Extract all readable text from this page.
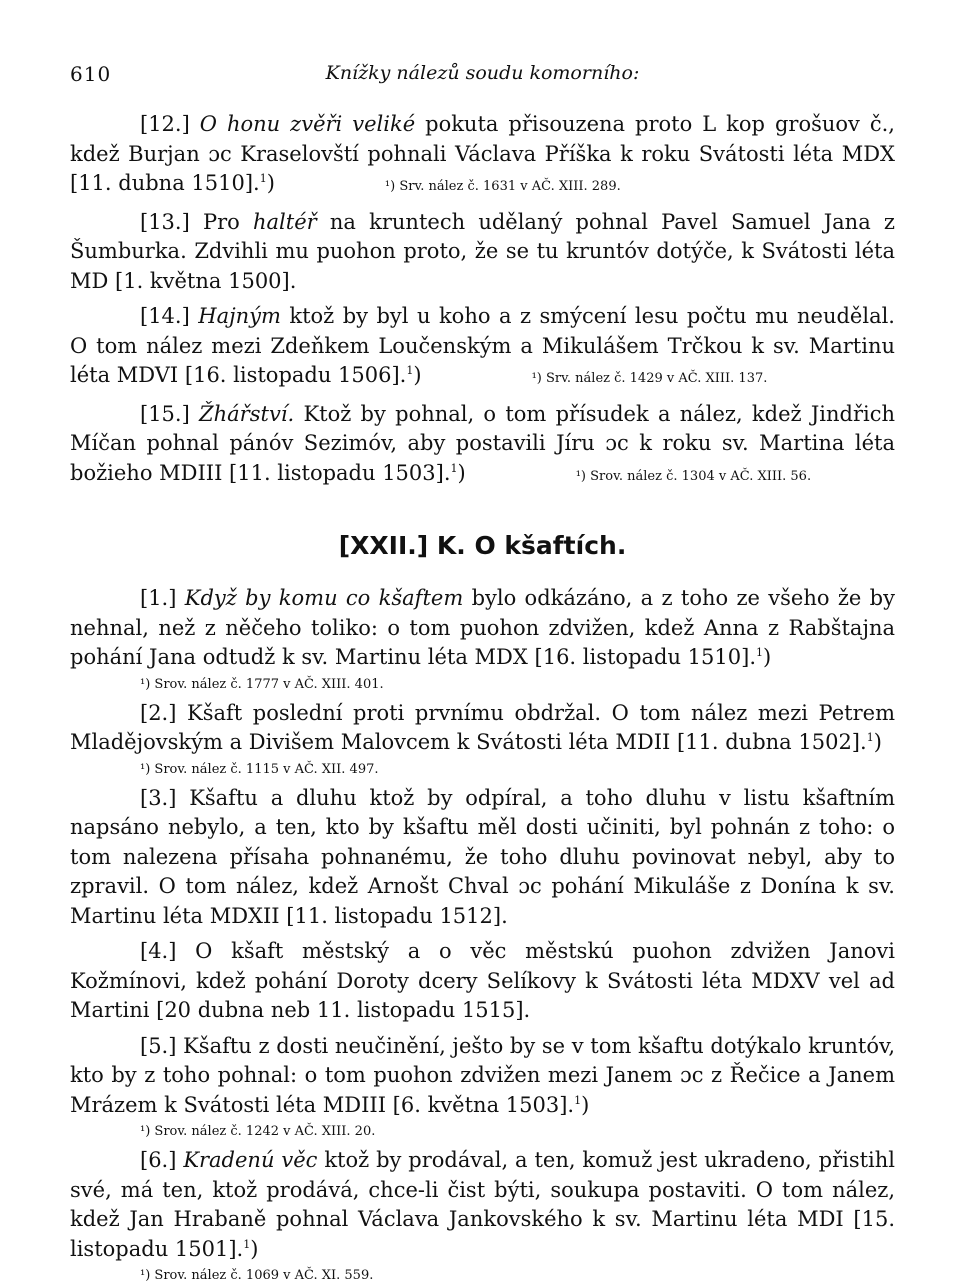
610	Knížky nálezů soudu komorního:

[12.] O honu zvěři veliké pokuta přisouzena proto L kop grošuov č., kdež Burjan ɔc Kraselovští pohnali Václava Příška k roku Svátosti léta MDX [11. dubna 1510].$^1$)	¹) Srv. nález č. 1631 v AČ. XIII. 289.

[13.] Pro haltéř na kruntech udělaný pohnal Pavel Samuel Jana z Šumburka. Zdvihli mu puohon proto, že se tu kruntóv dotýče, k Svátosti léta MD [1. května 1500].

[14.] Hajným ktož by byl u koho a z smýcení lesu počtu mu neudělal. O tom nález mezi Zdeňkem Loučenským a Mikulášem Trčkou k sv. Martinu léta MDVI [16. listopadu 1506].$^1$)	¹) Srv. nález č. 1429 v AČ. XIII. 137.

[15.] Žhářství. Ktož by pohnal, o tom přísudek a nález, kdež Jindřich Míčan pohnal pánóv Sezimóv, aby postavili Jíru ɔc k roku sv. Martina léta božieho MDIII [11. listopadu 1503].$^1$)	¹) Srov. nález č. 1304 v AČ. XIII. 56.

[XXII.] K. O kšaftích.

[1.] Když by komu co kšaftem bylo odkázáno, a z toho ze všeho že by nehnal, než z něčeho toliko: o tom puohon zdvižen, kdež Anna z Rabštajna pohání Jana odtudž k sv. Martinu léta MDX [16. listopadu 1510].$^1$)

¹) Srov. nález č. 1777 v AČ. XIII. 401.

[2.] Kšaft poslední proti prvnímu obdržal. O tom nález mezi Petrem Mladějovským a Divišem Malovcem k Svátosti léta MDII [11. dubna 1502].$^1$)

¹) Srov. nález č. 1115 v AČ. XII. 497.

[3.] Kšaftu a dluhu ktož by odpíral, a toho dluhu v listu kšaftním napsáno nebylo, a ten, kto by kšaftu měl dosti učiniti, byl pohnán z toho: o tom nalezena přísaha pohnanému, že toho dluhu povinovat nebyl, aby to zpravil. O tom nález, kdež Arnošt Chval ɔc pohání Mikuláše z Donína k sv. Martinu léta MDXII [11. listopadu 1512].

[4.] O kšaft městský a o věc městskú puohon zdvižen Janovi Kožmínovi, kdež pohání Doroty dcery Selíkovy k Svátosti léta MDXV vel ad Martini [20 dubna neb 11. listopadu 1515].

[5.] Kšaftu z dosti neučinění, ješto by se v tom kšaftu dotýkalo kruntóv, kto by z toho pohnal: o tom puohon zdvižen mezi Janem ɔc z Řečice a Janem Mrázem k Svátosti léta MDIII [6. května 1503].$^1$)

¹) Srov. nález č. 1242 v AČ. XIII. 20.

[6.] Kradenú věc ktož by prodával, a ten, komuž jest ukradeno, přistihl své, má ten, ktož prodává, chce-li čist býti, soukupa postaviti. O tom nález, kdež Jan Hrabaně pohnal Václava Jankovského k sv. Martinu léta MDI [15. listopadu 1501].$^1$)

¹) Srov. nález č. 1069 v AČ. XI. 559.
